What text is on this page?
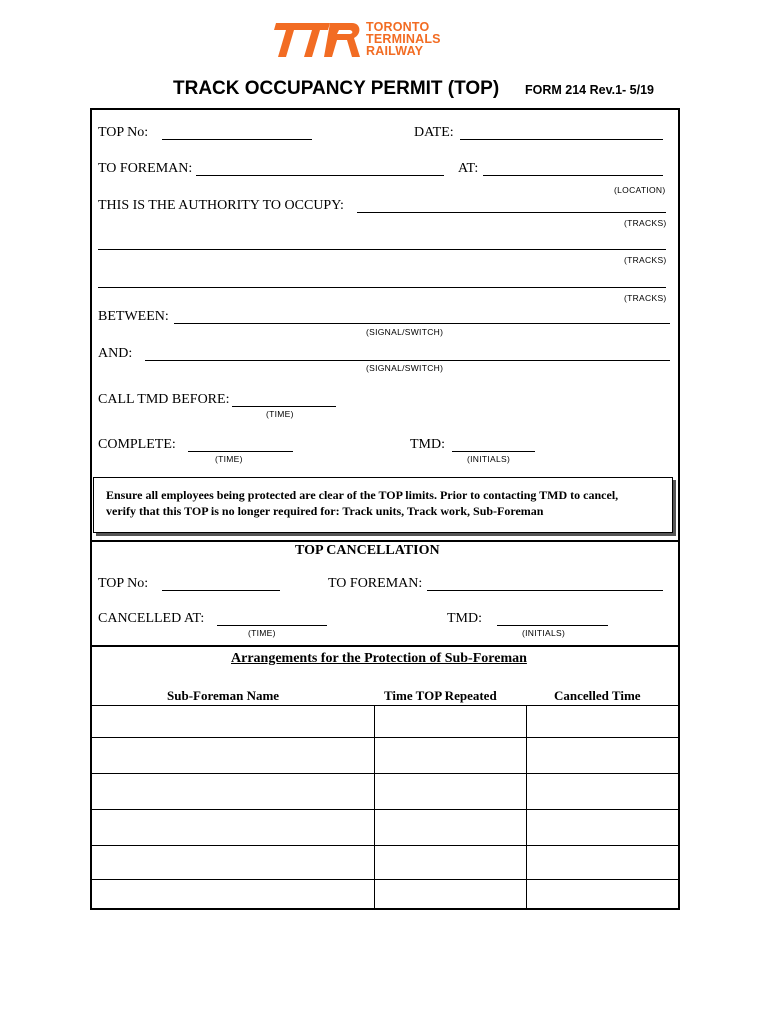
TORONTO
TERMINALS
RAILWAY
TRACK OCCUPANCY PERMIT (TOP) FORM 214 Rev.1- 5/19
TOP No:	DATE:
TO FOREMAN:	AT:
(LOCATION)
THIS IS THE AUTHORITY TO OCCUPY:
(TRACKS)
(TRACKS)
(TRACKS)
BETWEEN:
(SIGNAL/SWITCH)
AND:
(SIGNAL/SWITCH)
CALL TMD BEFORE:
(TIME)
COMPLETE:
(TIME)
TMD:
(INITIALS)
Ensure all employees being protected are clear of the TOP limits. Prior to contacting TMD to cancel,
verify that this TOP is no longer required for: Track units, Track work, Sub-Foreman
TOP CANCELLATION
TOP No:	TO FOREMAN:
CANCELLED AT:
(TIME)
TMD:
(INITIALS)
Arrangements for the Protection of Sub-Foreman
Sub-Foreman Name	Time TOP Repeated	Cancelled Time
